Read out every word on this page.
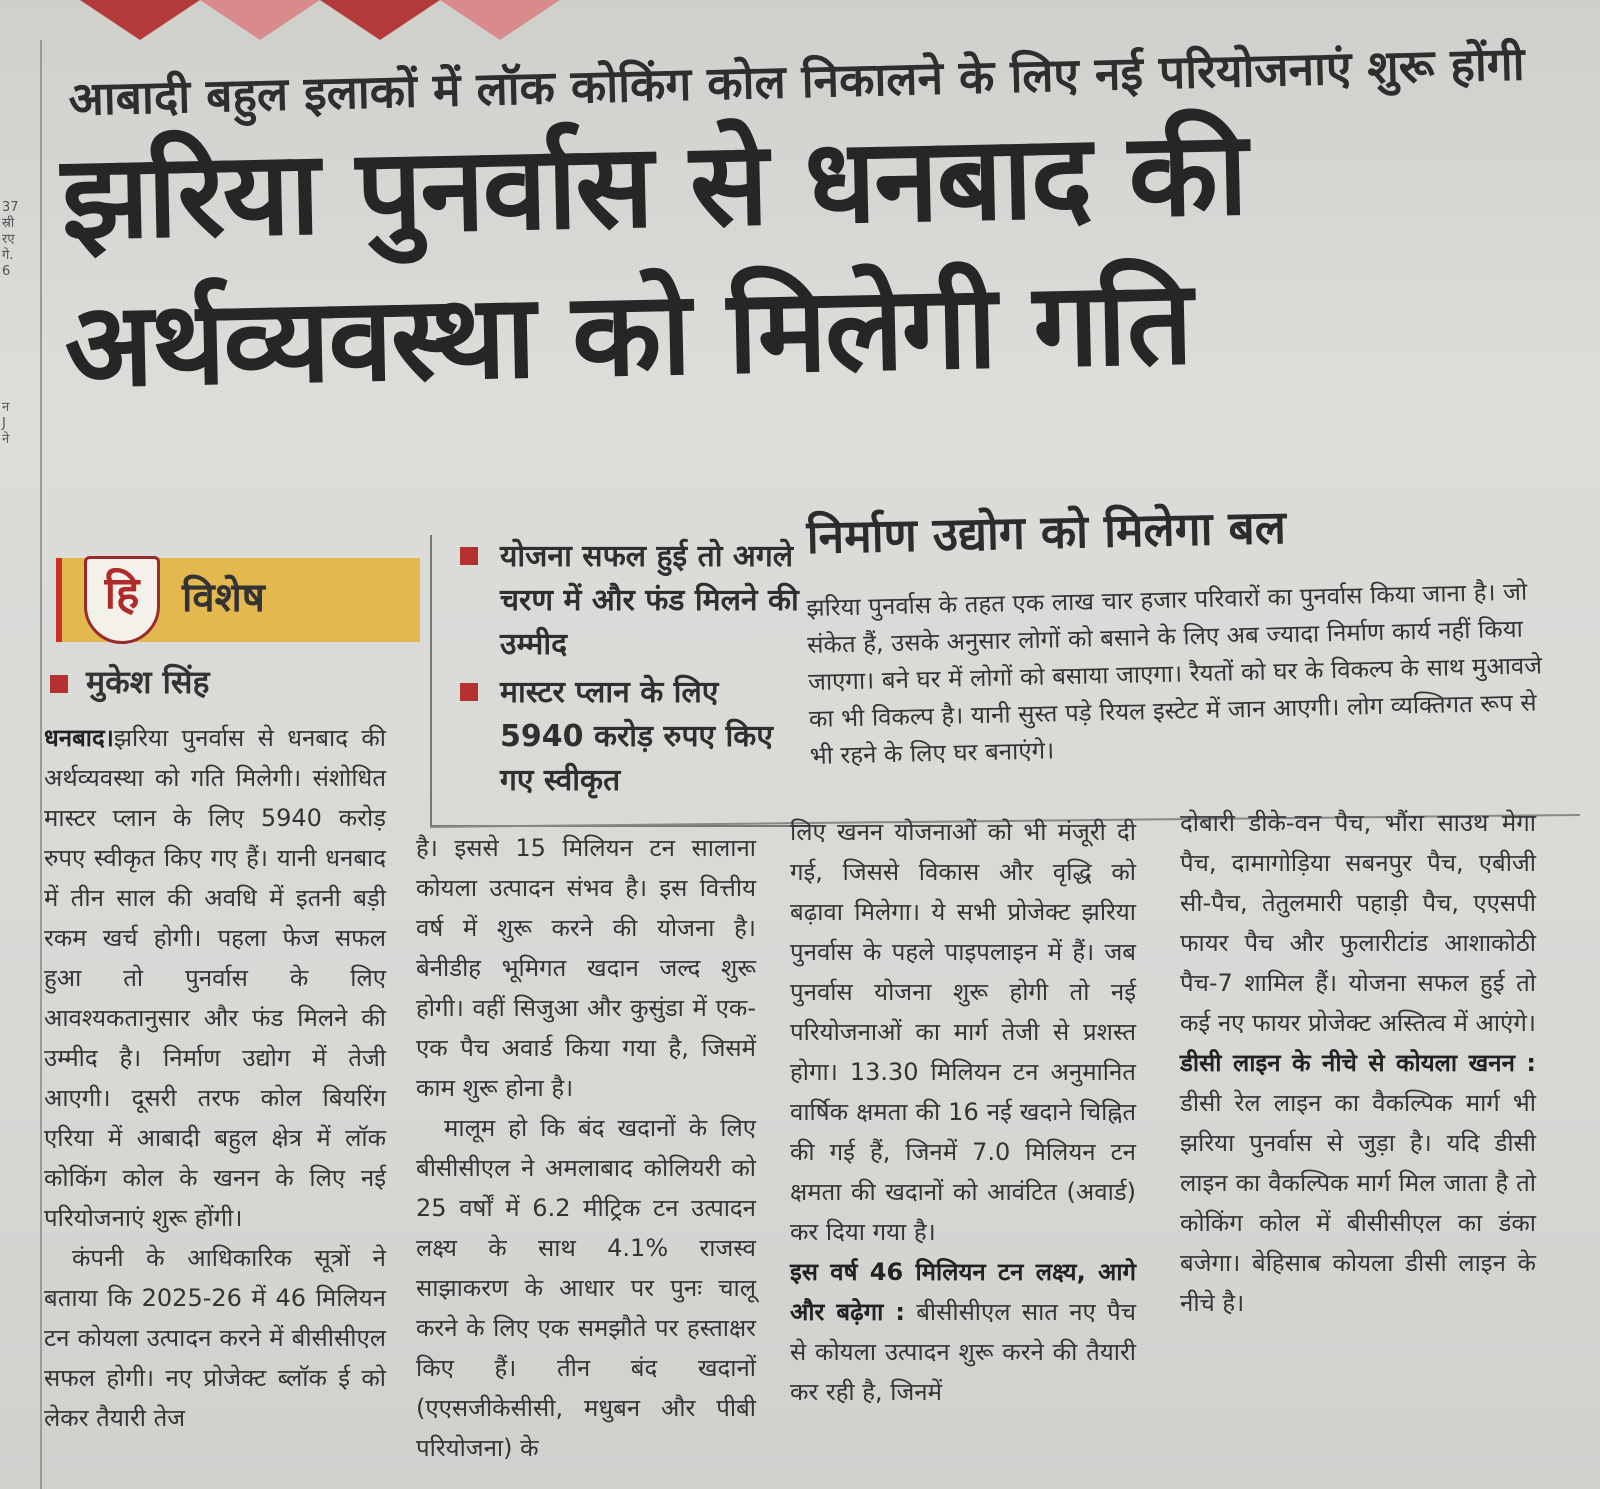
37
स्री
रए
गे.
6
न
J
ने
आबादी बहुल इलाकों में लॉक कोकिंग कोल निकालने के लिए नई परियोजनाएं शुरू होंगी
झरिया पुनर्वास से धनबाद की
अर्थव्यवस्था को मिलेगी गति
हि	विशेष
मुकेश सिंह
योजना सफल हुई तो अगले चरण में और फंड मिलने की उम्मीद
मास्टर प्लान के लिए 5940 करोड़ रुपए किए गए स्वीकृत
निर्माण उद्योग को मिलेगा बल
झरिया पुनर्वास के तहत एक लाख चार हजार परिवारों का पुनर्वास किया जाना है। जो संकेत हैं, उसके अनुसार लोगों को बसाने के लिए अब ज्यादा निर्माण कार्य नहीं किया जाएगा। बने घर में लोगों को बसाया जाएगा। रैयतों को घर के विकल्प के साथ मुआवजे का भी विकल्प है। यानी सुस्त पड़े रियल इस्टेट में जान आएगी। लोग व्यक्तिगत रूप से भी रहने के लिए घर बनाएंगे।

धनबाद।झरिया पुनर्वास से धनबाद की अर्थव्यवस्था को गति मिलेगी। संशोधित मास्टर प्लान के लिए 5940 करोड़ रुपए स्वीकृत किए गए हैं। यानी धनबाद में तीन साल की अवधि में इतनी बड़ी रकम खर्च होगी। पहला फेज सफल हुआ तो पुनर्वास के लिए आवश्यकतानुसार और फंड मिलने की उम्मीद है। निर्माण उद्योग में तेजी आएगी। दूसरी तरफ कोल बियरिंग एरिया में आबादी बहुल क्षेत्र में लॉक कोकिंग कोल के खनन के लिए नई परियोजनाएं शुरू होंगी।

कंपनी के आधिकारिक सूत्रों ने बताया कि 2025-26 में 46 मिलियन टन कोयला उत्पादन करने में बीसीसीएल सफल होगी। नए प्रोजेक्ट ब्लॉक ई को लेकर तैयारी तेज

है। इससे 15 मिलियन टन सालाना कोयला उत्पादन संभव है। इस वित्तीय वर्ष में शुरू करने की योजना है। बेनीडीह भूमिगत खदान जल्द शुरू होगी। वहीं सिजुआ और कुसुंडा में एक-एक पैच अवार्ड किया गया है, जिसमें काम शुरू होना है।

मालूम हो कि बंद खदानों के लिए बीसीसीएल ने अमलाबाद कोलियरी को 25 वर्षों में 6.2 मीट्रिक टन उत्पादन लक्ष्य के साथ 4.1% राजस्व साझाकरण के आधार पर पुनः चालू करने के लिए एक समझौते पर हस्ताक्षर किए हैं। तीन बंद खदानों (एएसजीकेसीसी, मधुबन और पीबी परियोजना) के

लिए खनन योजनाओं को भी मंजूरी दी गई, जिससे विकास और वृद्धि को बढ़ावा मिलेगा। ये सभी प्रोजेक्ट झरिया पुनर्वास के पहले पाइपलाइन में हैं। जब पुनर्वास योजना शुरू होगी तो नई परियोजनाओं का मार्ग तेजी से प्रशस्त होगा। 13.30 मिलियन टन अनुमानित वार्षिक क्षमता की 16 नई खदाने चिह्नित की गई हैं, जिनमें 7.0 मिलियन टन क्षमता की खदानों को आवंटित (अवार्ड) कर दिया गया है।

इस वर्ष 46 मिलियन टन लक्ष्य, आगे और बढ़ेगा : बीसीसीएल सात नए पैच से कोयला उत्पादन शुरू करने की तैयारी कर रही है, जिनमें

दोबारी डीके-वन पैच, भौंरा साउथ मेगा पैच, दामागोड़िया सबनपुर पैच, एबीजी सी-पैच, तेतुलमारी पहाड़ी पैच, एएसपी फायर पैच और फुलारीटांड आशाकोठी पैच-7 शामिल हैं। योजना सफल हुई तो कई नए फायर प्रोजेक्ट अस्तित्व में आएंगे।

डीसी लाइन के नीचे से कोयला खनन : डीसी रेल लाइन का वैकल्पिक मार्ग भी झरिया पुनर्वास से जुड़ा है। यदि डीसी लाइन का वैकल्पिक मार्ग मिल जाता है तो कोकिंग कोल में बीसीसीएल का डंका बजेगा। बेहिसाब कोयला डीसी लाइन के नीचे है।
